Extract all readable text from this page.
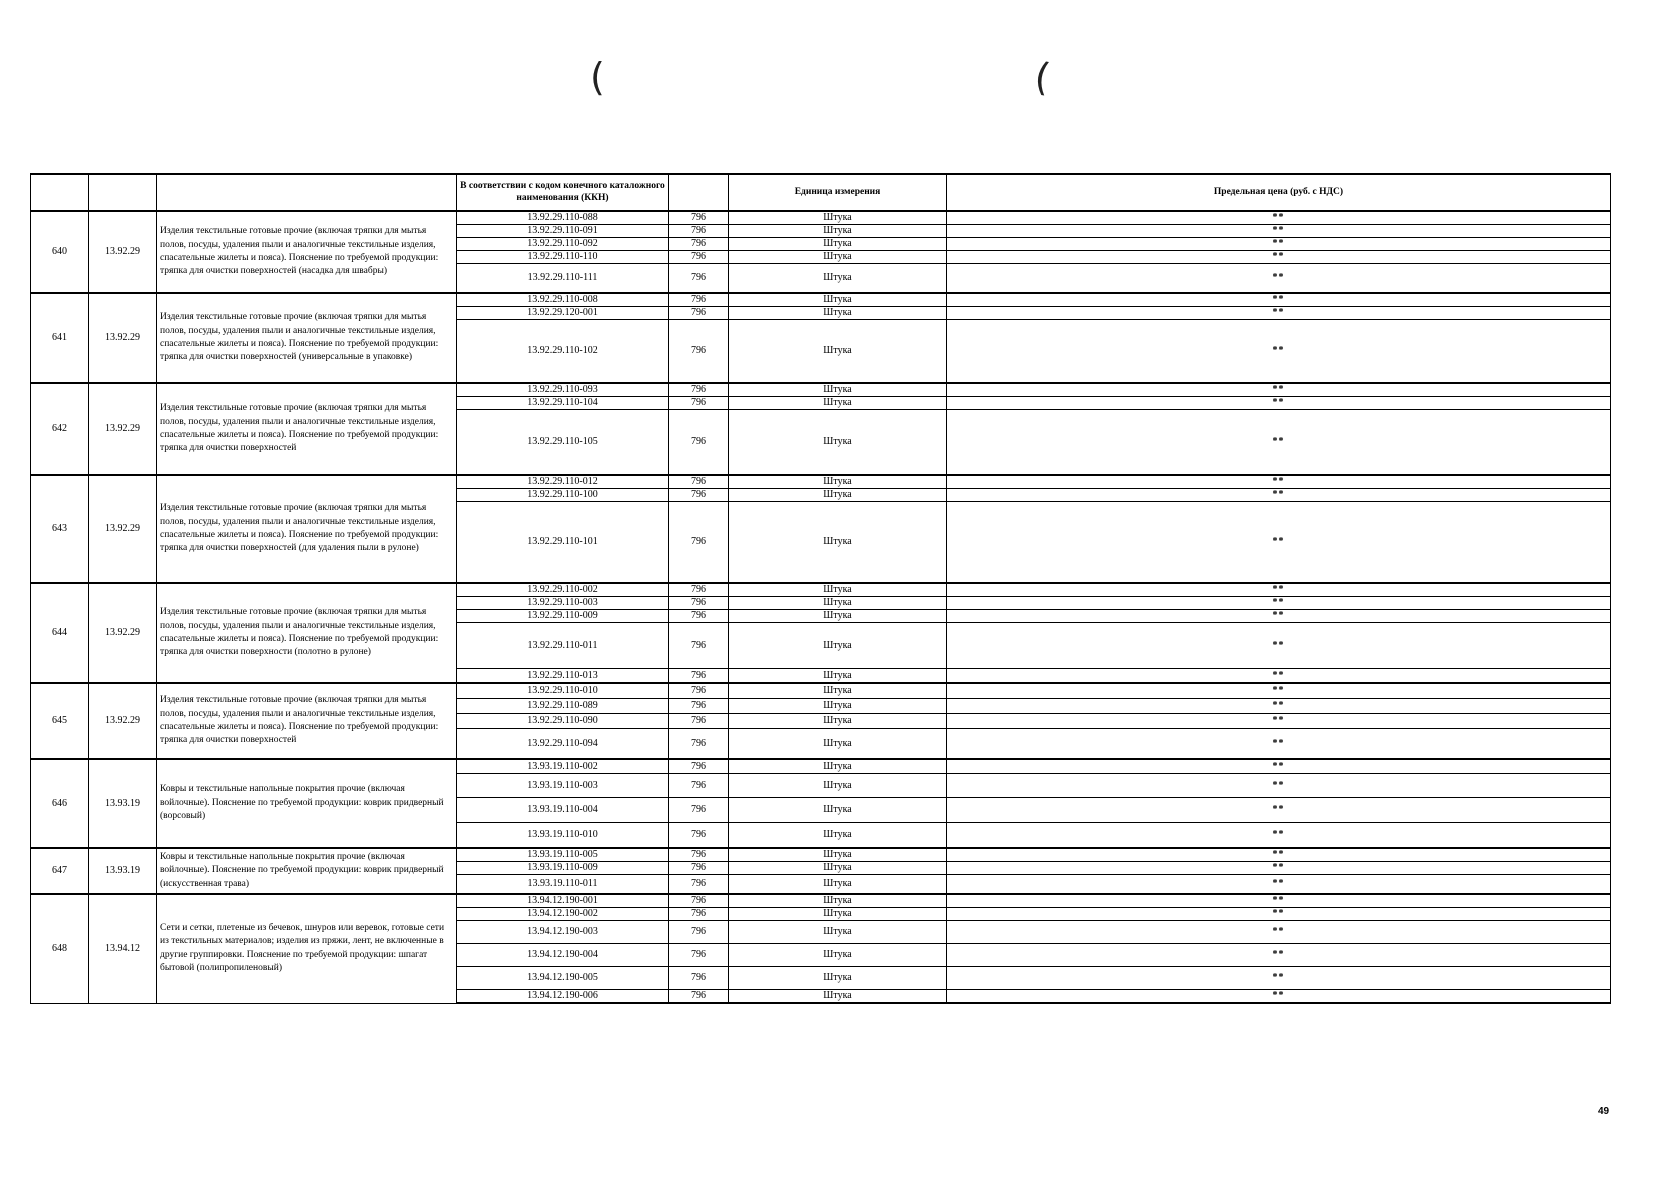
(	(
			В соответствии с кодом конечного каталожного наименования (ККН)		Единица измерения	Предельная цена (руб. с НДС)
640	13.92.29	Изделия текстильные готовые прочие (включая тряпки для мытья полов, посуды, удаления пыли и аналогичные текстильные изделия, спасательные жилеты и пояса). Пояснение по требуемой продукции: тряпка для очистки поверхностей (насадка для швабры)	13.92.29.110-088	796	Штука	**
			13.92.29.110-091	796	Штука	**
			13.92.29.110-092	796	Штука	**
			13.92.29.110-110	796	Штука	**
			13.92.29.110-111	796	Штука	**
641	13.92.29	Изделия текстильные готовые прочие (включая тряпки для мытья полов, посуды, удаления пыли и аналогичные текстильные изделия, спасательные жилеты и пояса). Пояснение по требуемой продукции: тряпка для очистки поверхностей (универсальные в упаковке)	13.92.29.110-008	796	Штука	**
			13.92.29.120-001	796	Штука	**
			13.92.29.110-102	796	Штука	**
642	13.92.29	Изделия текстильные готовые прочие (включая тряпки для мытья полов, посуды, удаления пыли и аналогичные текстильные изделия, спасательные жилеты и пояса). Пояснение по требуемой продукции: тряпка для очистки поверхностей	13.92.29.110-093	796	Штука	**
			13.92.29.110-104	796	Штука	**
			13.92.29.110-105	796	Штука	**
643	13.92.29	Изделия текстильные готовые прочие (включая тряпки для мытья полов, посуды, удаления пыли и аналогичные текстильные изделия, спасательные жилеты и пояса). Пояснение по требуемой продукции: тряпка для очистки поверхностей (для удаления пыли в рулоне)	13.92.29.110-012	796	Штука	**
			13.92.29.110-100	796	Штука	**
			13.92.29.110-101	796	Штука	**
644	13.92.29	Изделия текстильные готовые прочие (включая тряпки для мытья полов, посуды, удаления пыли и аналогичные текстильные изделия, спасательные жилеты и пояса). Пояснение по требуемой продукции: тряпка для очистки поверхности (полотно в рулоне)	13.92.29.110-002	796	Штука	**
			13.92.29.110-003	796	Штука	**
			13.92.29.110-009	796	Штука	**
			13.92.29.110-011	796	Штука	**
			13.92.29.110-013	796	Штука	**
645	13.92.29	Изделия текстильные готовые прочие (включая тряпки для мытья полов, посуды, удаления пыли и аналогичные текстильные изделия, спасательные жилеты и пояса). Пояснение по требуемой продукции: тряпка для очистки поверхностей	13.92.29.110-010	796	Штука	**
			13.92.29.110-089	796	Штука	**
			13.92.29.110-090	796	Штука	**
			13.92.29.110-094	796	Штука	**
646	13.93.19	Ковры и текстильные напольные покрытия прочие (включая войлочные). Пояснение по требуемой продукции: коврик придверный (ворсовый)	13.93.19.110-002	796	Штука	**
			13.93.19.110-003	796	Штука	**
			13.93.19.110-004	796	Штука	**
			13.93.19.110-010	796	Штука	**
647	13.93.19	Ковры и текстильные напольные покрытия прочие (включая войлочные). Пояснение по требуемой продукции: коврик придверный (искусственная трава)	13.93.19.110-005	796	Штука	**
			13.93.19.110-009	796	Штука	**
			13.93.19.110-011	796	Штука	**
648	13.94.12	Сети и сетки, плетеные из бечевок, шнуров или веревок, готовые сети из текстильных материалов; изделия из пряжи, лент, не включенные в другие группировки. Пояснение по требуемой продукции: шпагат бытовой (полипропиленовый)	13.94.12.190-001	796	Штука	**
			13.94.12.190-002	796	Штука	**
			13.94.12.190-003	796	Штука	**
			13.94.12.190-004	796	Штука	**
			13.94.12.190-005	796	Штука	**
			13.94.12.190-006	796	Штука	**
49
